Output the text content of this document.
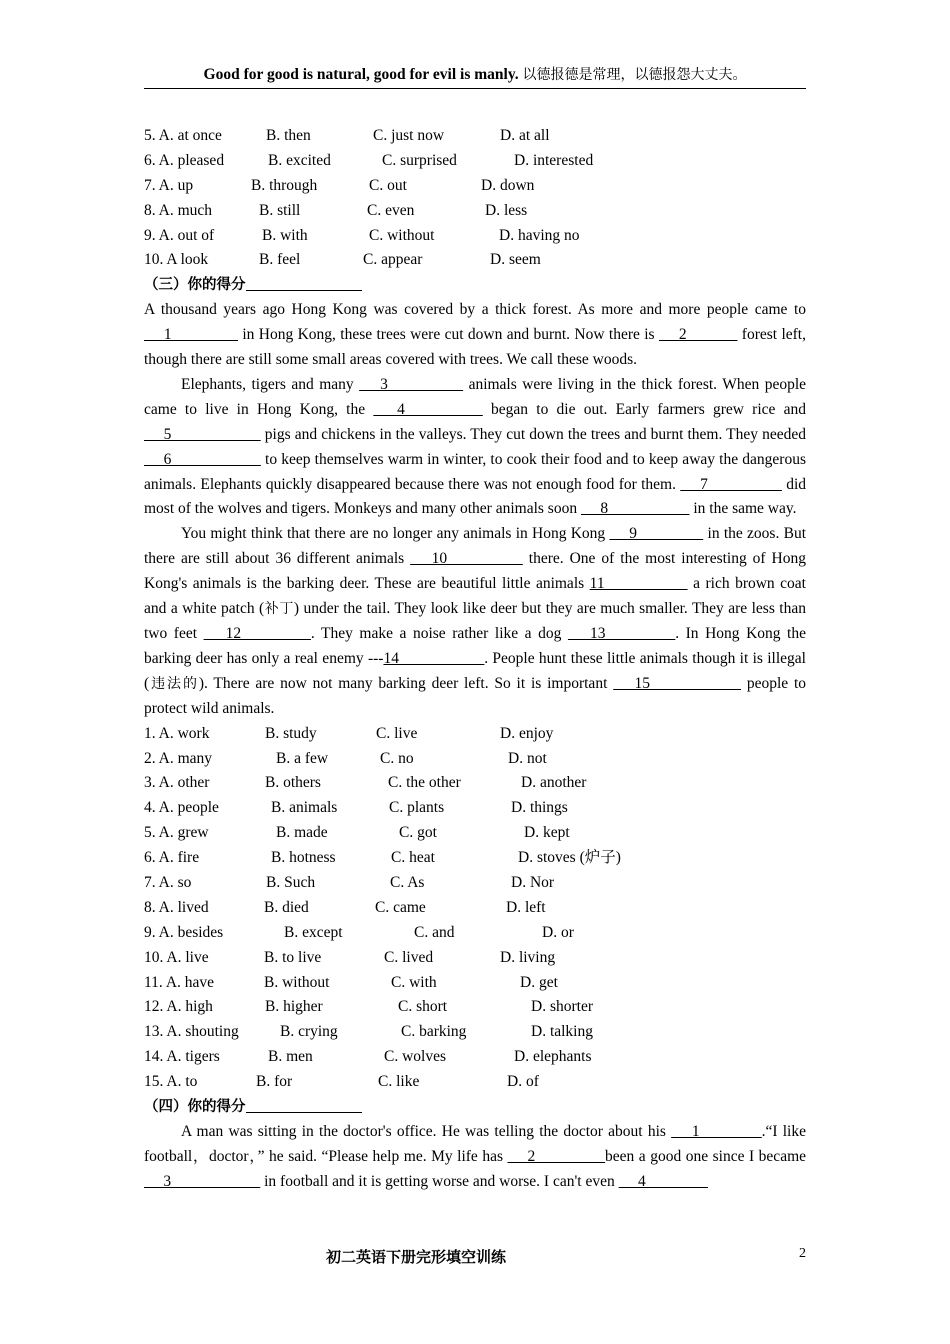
Good for good is natural, good for evil is manly. 以德报德是常理，以德报怨大丈夫。
5. A. at once	B. then	C. just now	D. at all
6. A. pleased	B. excited	C. surprised	D. interested
7. A. up	B. through	C. out	D. down
8. A. much	B. still	C. even	D. less
9. A. out of	B. with	C. without	D. having no
10. A look	B. feel	C. appear	D. seem
（三）你的得分

A thousand years ago Hong Kong was covered by a thick forest. As more and more people came to  __1________  in Hong Kong, these trees were cut down and burnt. Now there is  __2______  forest left, though there are still some small areas covered with trees. We call these woods.

Elephants, tigers and many  __3_________  animals were living in the thick forest. When people came to live in Hong Kong, the  __4_________  began to die out. Early farmers grew rice and  __5___________  pigs and chickens in the valleys. They cut down the trees and burnt them. They needed  __6___________  to keep themselves warm in winter, to cook their food and to keep away the dangerous animals. Elephants quickly disappeared because there was not enough food for them.  __7_________  did most of the wolves and tigers. Monkeys and many other animals soon  __8__________  in the same way.

You might think that there are no longer any animals in Hong Kong  __9________  in the zoos. But there are still about 36 different animals  __10_________  there. One of the most interesting of Hong Kong's animals is the barking deer. These are beautiful little animals 11__________  a rich brown coat and a white patch (补丁) under the tail. They look like deer but they are much smaller. They are less than two feet  __12_________. They make a noise rather like a dog  __13_________. In Hong Kong the barking deer has only a real enemy ---14___________. People hunt these little animals though it is illegal (违法的). There are now not many barking deer left. So it is important  __15___________  people to protect wild animals.

1. A. work	B. study	C. live	D. enjoy
2. A. many	B. a few	C. no	D. not
3. A. other	B. others	C. the other	D. another
4. A. people	B. animals	C. plants	D. things
5. A. grew	B. made	C. got	D. kept
6. A. fire	B. hotness	C. heat	D. stoves (炉子)
7. A. so	B. Such	C. As	D. Nor
8. A. lived	B. died	C. came	D. left
9. A. besides	B. except	C. and	D. or
10. A. live	B. to live	C. lived	D. living
11. A. have	B. without	C. with	D. get
12. A. high	B. higher	C. short	D. shorter
13. A. shouting	B. crying	C. barking	D. talking
14. A. tigers	B. men	C. wolves	D. elephants
15. A. to	B. for	C. like	D. of
（四）你的得分

A man was sitting in the doctor's office. He was telling the doctor about his  __1________.“I like football，doctor，” he said. “Please help me. My life has  __2_________been a good one since I became  __3___________  in football and it is getting worse and worse. I can't even  __4________

初二英语下册完形填空训练	2
